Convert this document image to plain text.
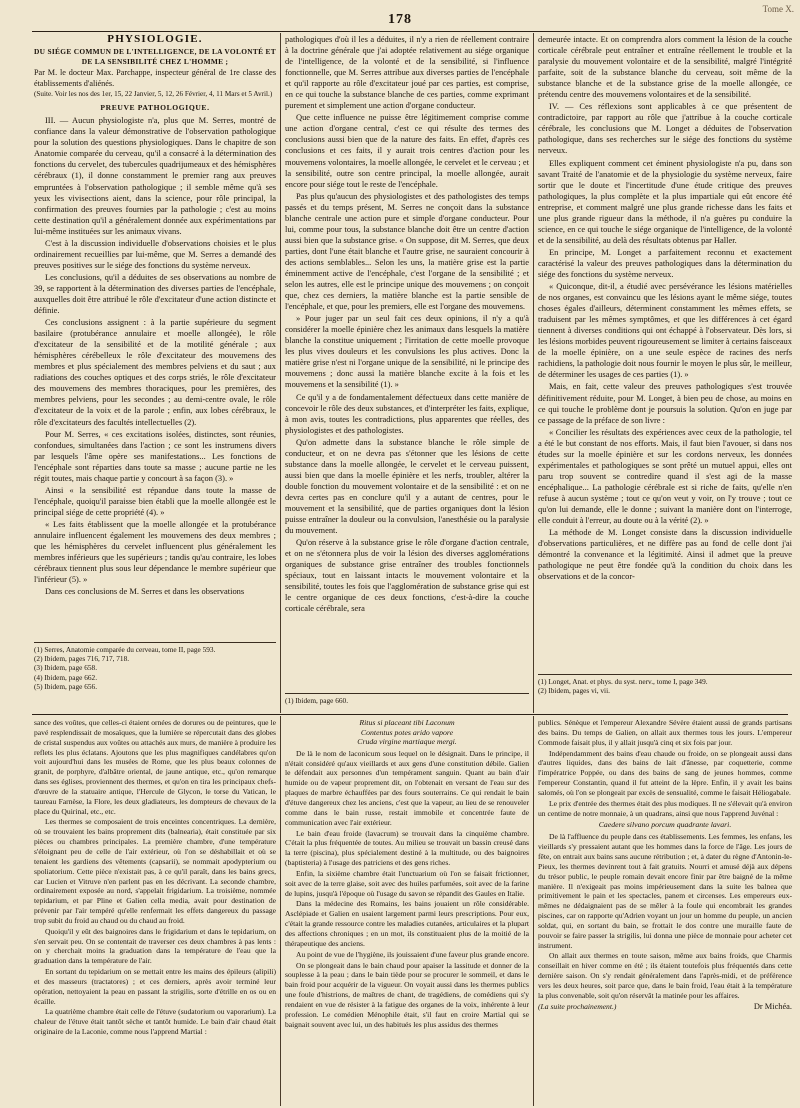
Tome X.
178

PHYSIOLOGIE.

DU SIÉGE COMMUN DE L'INTELLIGENCE, DE LA VOLONTÉ ET DE LA SENSIBILITÉ CHEZ L'HOMME ;

Par M. le docteur Max. Parchappe, inspecteur général de 1re classe des établissements d'aliénés.

(Suite. Voir les nos des 1er, 15, 22 Janvier, 5, 12, 26 Février, 4, 11 Mars et 5 Avril.)

PREUVE PATHOLOGIQUE.

III. — Aucun physiologiste n'a, plus que M. Serres, montré de confiance dans la valeur démonstrative de l'observation pathologique pour la solution des questions physiologiques. Dans le chapitre de son Anatomie comparée du cerveau, qu'il a consacré à la détermination des fonctions du cervelet, des tubercules quadrijumeaux et des hémisphères cérébraux (1), il donne constamment le premier rang aux preuves empruntées à l'observation pathologique ; il semble même qu'à ses yeux les vivisections aient, dans la science, pour rôle principal, la confirmation des preuves fournies par la pathologie ; c'est au moins cette destination qu'il a généralement donnée aux expérimentations par lui-même instituées sur les animaux vivans.

C'est à la discussion individuelle d'observations choisies et le plus ordinairement recueillies par lui-même, que M. Serres a demandé des preuves positives sur le siége des fonctions du système nerveux.

Les conclusions, qu'il a déduites de ses observations au nombre de 39, se rapportent à la détermination des diverses parties de l'encéphale, auxquelles doit être attribué le rôle d'excitateur d'une action distincte et définie.

Ces conclusions assignent : à la partie supérieure du segment basilaire (protubérance annulaire et moelle allongée), le rôle d'excitateur de la sensibilité et de la motilité générale ; aux hémisphères cérébelleux le rôle d'excitateur des mouvemens des membres et plus spécialement des membres pelviens et du saut ; aux radiations des couches optiques et des corps striés, le rôle d'excitateur des mouvemens des membres thoraciques, pour les premières, des membres pelviens, pour les secondes ; au demi-centre ovale, le rôle d'excitateur de la voix et de la parole ; enfin, aux lobes cérébraux, le rôle d'excitateurs des facultés intellectuelles (2).

Pour M. Serres, « ces excitations isolées, distinctes, sont réunies, confondues, simultanées dans l'action ; ce sont les instrumens divers par lesquels l'âme opère ses manifestations... Les fonctions de l'encéphale sont réparties dans toute sa masse ; aucune partie ne les régit toutes, mais chaque partie y concourt à sa façon (3). »

Ainsi « la sensibilité est répandue dans toute la masse de l'encéphale, quoiqu'il paraisse bien établi que la moelle allongée est le principal siége de cette propriété (4). »

« Les faits établissent que la moelle allongée et la protubérance annulaire influencent également les mouvemens des deux membres ; que les hémisphères du cervelet influencent plus généralement les membres inférieurs que les supérieurs ; tandis qu'au contraire, les lobes cérébraux tiennent plus sous leur dépendance le membre supérieur que l'inférieur (5). »

Dans ces conclusions de M. Serres et dans les observations

(1) Serres, Anatomie comparée du cerveau, tome II, page 593.
(2) Ibidem, pages 716, 717, 718.
(3) Ibidem, page 658.
(4) Ibidem, page 662.
(5) Ibidem, page 656.

pathologiques d'où il les a déduites, il n'y a rien de réellement contraire à la doctrine générale que j'ai adoptée relativement au siége organique de l'intelligence, de la volonté et de la sensibilité, si l'influence fonctionnelle, que M. Serres attribue aux diverses parties de l'encéphale et qu'il rapporte au rôle d'excitateur joué par ces parties, est comprise, en ce qui touche la substance blanche de ces parties, comme exprimant purement et simplement une action d'organe conducteur.

Que cette influence ne puisse être légitimement comprise comme une action d'organe central, c'est ce qui résulte des termes des conclusions aussi bien que de la nature des faits. En effet, d'après ces conclusions et ces faits, il y aurait trois centres d'action pour les mouvemens volontaires, la moelle allongée, le cervelet et le cerveau ; et la sensibilité, outre son centre principal, la moelle allongée, aurait encore pour siége tout le reste de l'encéphale.

Pas plus qu'aucun des physiologistes et des pathologistes des temps passés et du temps présent, M. Serres ne conçoit dans la substance blanche centrale une action pure et simple d'organe conducteur. Pour lui, comme pour tous, la substance blanche doit être un centre d'action aussi bien que la substance grise. « On suppose, dit M. Serres, que deux parties, dont l'une était blanche et l'autre grise, ne sauraient concourir à des actions semblables... Selon les uns, la matière grise est la partie éminemment active de l'encéphale, c'est l'organe de la sensibilité ; et selon les autres, elle est le principe unique des mouvemens ; on conçoit que, chez ces derniers, la matière blanche est la partie sensible de l'encéphale, et que, pour les premiers, elle est l'organe des mouvemens.

» Pour juger par un seul fait ces deux opinions, il n'y a qu'à considérer la moelle épinière chez les animaux dans lesquels la matière blanche la constitue uniquement ; l'irritation de cette moelle provoque les plus vives douleurs et les convulsions les plus actives. Donc la matière grise n'est ni l'organe unique de la sensibilité, ni le principe des mouvemens ; donc aussi la matière blanche excite à la fois et les mouvemens et la sensibilité (1). »

Ce qu'il y a de fondamentalement défectueux dans cette manière de concevoir le rôle des deux substances, et d'interpréter les faits, explique, à mon avis, toutes les contradictions, plus apparentes que réelles, des physiologistes et des pathologistes.

Qu'on admette dans la substance blanche le rôle simple de conducteur, et on ne devra pas s'étonner que les lésions de cette substance dans la moelle allongée, le cervelet et le cerveau puissent, aussi bien que dans la moelle épinière et les nerfs, troubler, altérer la double fonction du mouvement volontaire et de la sensibilité : et on ne devra certes pas en conclure qu'il y a autant de centres, pour le mouvement et la sensibilité, que de parties organiques dont la lésion puisse entraîner la douleur ou la convulsion, l'anesthésie ou la paralysie du mouvement.

Qu'on réserve à la substance grise le rôle d'organe d'action centrale, et on ne s'étonnera plus de voir la lésion des diverses agglomérations organiques de substance grise entraîner des troubles fonctionnels spéciaux, tout en laissant intacts le mouvement volontaire et la sensibilité, toutes les fois que l'agglomération de substance grise qui est le centre organique de ces deux fonctions, c'est-à-dire la couche corticale cérébrale, sera

(1) Ibidem, page 660.

demeurée intacte. Et on comprendra alors comment la lésion de la couche corticale cérébrale peut entraîner et entraîne réellement le trouble et la paralysie du mouvement volontaire et de la sensibilité, malgré l'intégrité parfaite, soit de la substance blanche du cerveau, soit même de la substance blanche et de la substance grise de la moelle allongée, ce prétendu centre des mouvemens volontaires et de la sensibilité.

IV. — Ces réflexions sont applicables à ce que présentent de contradictoire, par rapport au rôle que j'attribue à la couche corticale cérébrale, les conclusions que M. Longet a déduites de l'observation pathologique, dans ses recherches sur le siége des fonctions du système nerveux.

Elles expliquent comment cet éminent physiologiste n'a pu, dans son savant Traité de l'anatomie et de la physiologie du système nerveux, faire sortir que le doute et l'incertitude d'une étude critique des preuves pathologiques, la plus complète et la plus impartiale qui eût encore été entreprise, et comment malgré une plus grande richesse dans les faits et une plus grande rigueur dans la méthode, il n'a guères pu conduire la science, en ce qui touche le siége organique de l'intelligence, de la volonté et de la sensibilité, au delà des résultats obtenus par Haller.

En principe, M. Longet a parfaitement reconnu et exactement caractérisé la valeur des preuves pathologiques dans la détermination du siége des fonctions du système nerveux.

« Quiconque, dit-il, a étudié avec persévérance les lésions matérielles de nos organes, est convaincu que les lésions ayant le même siége, toutes choses égales d'ailleurs, déterminent constamment les mêmes effets, se traduisent par les mêmes symptômes, et que les différences à cet égard tiennent à diverses conditions qui ont échappé à l'observateur. Dès lors, si les lésions morbides peuvent rigoureusement se limiter à certains faisceaux de la moelle épinière, on a une seule espèce de racines des nerfs rachidiens, la pathologie doit nous fournir le moyen le plus sûr, le meilleur, de déterminer les usages de ces parties (1). »

Mais, en fait, cette valeur des preuves pathologiques s'est trouvée définitivement réduite, pour M. Longet, à bien peu de chose, au moins en ce qui touche le problème dont je poursuis la solution. Qu'on en juge par ce passage de la préface de son livre :

« Concilier les résultats des expériences avec ceux de la pathologie, tel a été le but constant de nos efforts. Mais, il faut bien l'avouer, si dans nos études sur la moelle épinière et sur les cordons nerveux, les données expérimentales et pathologiques se sont prêté un mutuel appui, elles ont paru trop souvent se contredire quand il s'est agi de la masse encéphalique... La pathologie cérébrale est si riche de faits, qu'elle n'en refuse à aucun système ; tout ce qu'on veut y voir, on l'y trouve ; tout ce qu'on lui demande, elle le donne ; suivant la manière dont on l'interroge, elle conduit à l'erreur, au doute ou à la vérité (2). »

La méthode de M. Longet consiste dans la discussion individuelle d'observations particulières, et ne diffère pas au fond de celle dont j'ai démontré la convenance et la légitimité. Ainsi il admet que la preuve pathologique ne peut être fondée qu'à la condition du choix dans les observations et de la concor-

(1) Longet, Anat. et phys. du syst. nerv., tome I, page 349.
(2) Ibidem, pages vi, vii.

sance des voûtes, que celles-ci étaient ornées de dorures ou de peintures, que le pavé resplendissait de mosaïques, que la lumière se répercutait dans des globes de cristal suspendus aux voûtes ou attachés aux murs, de manière à produire les reflets les plus éclatans. Ajoutons que les plus magnifiques candélabres qu'on voit aujourd'hui dans les musées de Rome, que les plus beaux colonnes de granit, de porphyre, d'albâtre oriental, de jaune antique, etc., qu'on remarque dans ses églises, proviennent des thermes, et qu'on en tira les principaux chefs-d'œuvre de la statuaire antique, l'Hercule de Glycon, le torse du Vatican, le taureau Farnèse, la Flore, les deux gladiateurs, les dompteurs de chevaux de la place du Quirinal, etc., etc.

Les thermes se composaient de trois enceintes concentriques. La dernière, où se trouvaient les bains proprement dits (balnearia), était constituée par six pièces ou chambres principales. La première chambre, d'une température s'éloignant peu de celle de l'air extérieur, où l'on se déshabillait et où se tenaient les gardiens des vêtements (capsarii), se nommait apodypterium ou spoliatorium. Cette pièce n'existait pas, à ce qu'il paraît, dans les bains grecs, car Lucien et Vitruve n'en parlent pas en les décrivant. La seconde chambre, ordinairement exposée au nord, s'appelait frigidarium. La troisième, nommée tepidarium, et par Pline et Galien cella media, avait pour destination de prévenir par l'air tempéré qu'elle renfermait les effets dangereux du passage trop subit du froid au chaud ou du chaud au froid.

Quoiqu'il y eût des baignoires dans le frigidarium et dans le tepidarium, on s'en servait peu. On se contentait de traverser ces deux chambres à pas lents : on y cherchait moins la graduation dans la température de l'eau que la graduation dans la température de l'air.

En sortant du tepidarium on se mettait entre les mains des épileurs (alipili) et des masseurs (tractatores) ; et ces derniers, après avoir terminé leur opération, nettoyaient la peau en passant la strigilis, sorte d'étrille en os ou en écaille.

La quatrième chambre était celle de l'étuve (sudatorium ou vaporarium). La chaleur de l'étuve était tantôt sèche et tantôt humide. Le bain d'air chaud était originaire de la Laconie, comme nous l'apprend Martial :

Ritus si placeant tibi Laconum

Contentus potes arido vapore

Cruda virgine martiaque mergi.

De là le nom de laconicum sous lequel on le désignait. Dans le principe, il n'était considéré qu'aux vieillards et aux gens d'une constitution débile. Galien le défendait aux personnes d'un tempérament sanguin. Quant au bain d'air humide ou de vapeur proprement dit, on l'obtenait en versant de l'eau sur des plaques de marbre échauffées par des fours souterrains. Ce qui rendait le bain d'étuve dangereux chez les anciens, c'est que la vapeur, au lieu de se renouveler comme dans le bain russe, restait immobile et concentrée faute de communication avec l'air extérieur.

Le bain d'eau froide (lavacrum) se trouvait dans la cinquième chambre. C'était la plus fréquentée de toutes. Au milieu se trouvait un bassin creusé dans la terre (piscina), plus spécialement destiné à la multitude, ou des baignoires (baptisteria) à l'usage des patriciens et des gens riches.

Enfin, la sixième chambre était l'unctuarium où l'on se faisait frictionner, soit avec de la terre glaise, soit avec des huiles parfumées, soit avec de la farine de lupins, jusqu'à l'époque où l'usage du savon se répandit des Gaules en Italie.

Dans la médecine des Romains, les bains jouaient un rôle considérable. Asclépiade et Galien en usaient largement parmi leurs prescriptions. Pour eux, c'était la grande ressource contre les maladies cutanées, articulaires et la plupart des affections chroniques ; en un mot, ils constituaient plus de la moitié de la thérapeutique des anciens.

Au point de vue de l'hygiène, ils jouissaient d'une faveur plus grande encore.

On se plongeait dans le bain chaud pour apaiser la lassitude et donner de la souplesse à la peau ; dans le bain tiède pour se procurer le sommeil, et dans le bain froid pour acquérir de la vigueur. On voyait aussi dans les thermes publics une foule d'histrions, de maîtres de chant, de tragédiens, de comédiens qui s'y rendaient en vue de résister à la fatigue des organes de la voix, inhérente à leur profession. Le comédien Ménophile était, s'il faut en croire Martial qui se baignait souvent avec lui, un des habitués les plus assidus des thermes

publics. Sénèque et l'empereur Alexandre Sévère étaient aussi de grands partisans des bains. Du temps de Galien, on allait aux thermes tous les jours. L'empereur Commode faisait plus, il y allait jusqu'à cinq et six fois par jour.

Indépendamment des bains d'eau chaude ou froide, on se plongeait aussi dans d'autres liquides, dans des bains de lait d'ânesse, par coquetterie, comme l'impératrice Poppée, ou dans des bains de sang de jeunes hommes, comme l'empereur Constantin, quand il fut atteint de la lèpre. Enfin, il y avait les bains salomés, où l'on se plongeait par excès de sensualité, comme le faisait Héliogabale.

Le prix d'entrée des thermes était des plus modiques. Il ne s'élevait qu'à environ un centime de notre monnaie, à un quadrans, ainsi que nous l'apprend Juvénal :

Caedere silvano porcum quadrante lavari.

De là l'affluence du peuple dans ces établissements. Les femmes, les enfans, les vieillards s'y pressaient autant que les hommes dans la force de l'âge. Les jours de fête, on entrait aux bains sans aucune rétribution ; et, à dater du règne d'Antonin-le-Pieux, les thermes devinrent tout à fait gratuits. Nourri et amusé déjà aux dépens du trésor public, le peuple romain devait encore finir par être baigné de la même manière. Il n'exigeait pas moins impérieusement dans la suite les balnea que primitivement le pain et les spectacles, panem et circenses. Les empereurs eux-mêmes ne dédaignaient pas de se mêler à la foule qui encombrait les grandes piscines, car on rapporte qu'Adrien voyant un jour un homme du peuple, un ancien soldat, qui, en sortant du bain, se frottait le dos contre une muraille faute de pouvoir se faire passer la strigilis, lui donna une pièce de monnaie pour acheter cet instrument.

On allait aux thermes en toute saison, même aux bains froids, que Charmis conseillait en hiver comme en été ; ils étaient toutefois plus fréquentés dans cette dernière saison. On s'y rendait généralement dans l'après-midi, et de préférence vers les deux heures, soit parce que, dans le bain froid, l'eau était à la température la plus convenable, soit qu'on réservât la matinée pour les affaires.

(La suite prochainement.)	Dr Michéa.
